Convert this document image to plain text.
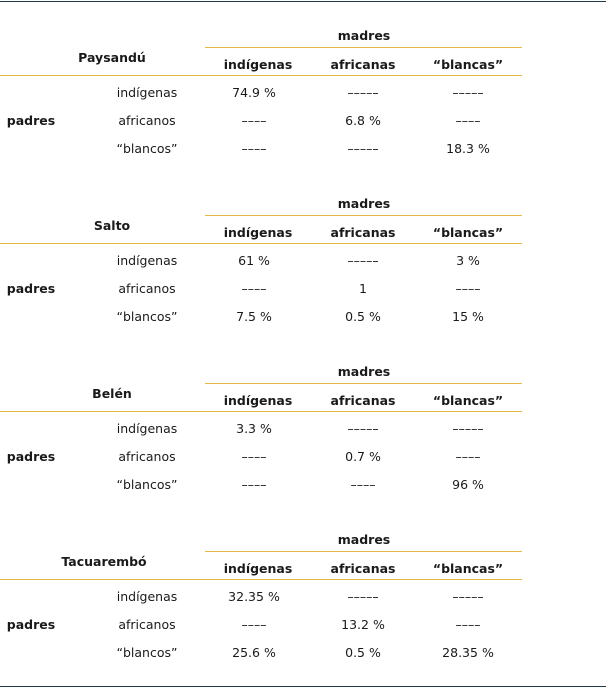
Paysandú
madres
indígenas	africanas	“blancas”
padres
indígenas	74.9 %	–––––	–––––
africanos	––––	6.8 %	––––
“blancos”	––––	–––––	18.3 %
Salto
madres
indígenas	africanas	“blancas”
padres
indígenas	61 %	–––––	3 %
africanos	––––	1	––––
“blancos”	7.5 %	0.5 %	15 %
Belén
madres
indígenas	africanas	“blancas”
padres
indígenas	3.3 %	–––––	–––––
africanos	––––	0.7 %	––––
“blancos”	––––	––––	96 %
Tacuarembó
madres
indígenas	africanas	“blancas”
padres
indígenas	32.35 %	–––––	–––––
africanos	––––	13.2 %	––––
“blancos”	25.6 %	0.5 %	28.35 %
